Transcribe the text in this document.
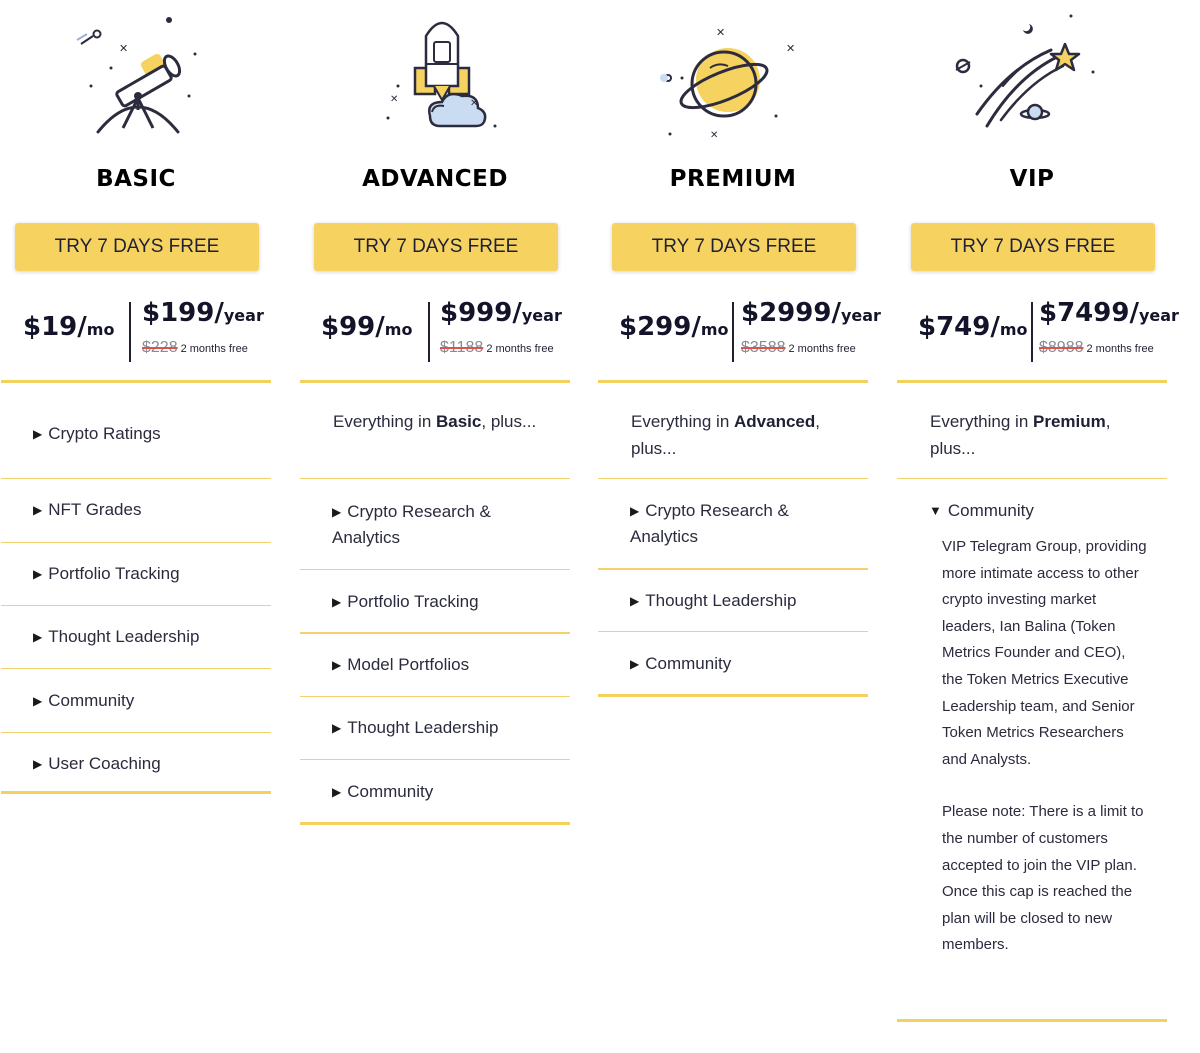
✕
BASIC
TRY 7 DAYS FREE
$19/mo
$199/year
$228 2 months free
▶ Crypto Ratings
▶ NFT Grades
▶ Portfolio Tracking
▶ Thought Leadership
▶ Community
▶ User Coaching
✕	✕
ADVANCED
TRY 7 DAYS FREE
$99/mo
$999/year
$1188 2 months free
Everything in Basic, plus...
▶ Crypto Research & Analytics
▶ Portfolio Tracking
▶ Model Portfolios
▶ Thought Leadership
▶ Community
✕
✕
✕
PREMIUM
TRY 7 DAYS FREE
$299/mo
$2999/year
$3588 2 months free
Everything in Advanced, plus...
▶ Crypto Research & Analytics
▶ Thought Leadership
▶ Community
VIP
TRY 7 DAYS FREE
$749/mo
$7499/year
$8988 2 months free
Everything in Premium, plus...
▼ Community

VIP Telegram Group, providing more intimate access to other crypto investing market leaders, Ian Balina (Token Metrics Founder and CEO), the Token Metrics Executive Leadership team, and Senior Token Metrics Researchers and Analysts.

Please note: There is a limit to the number of customers accepted to join the VIP plan. Once this cap is reached the plan will be closed to new members.
